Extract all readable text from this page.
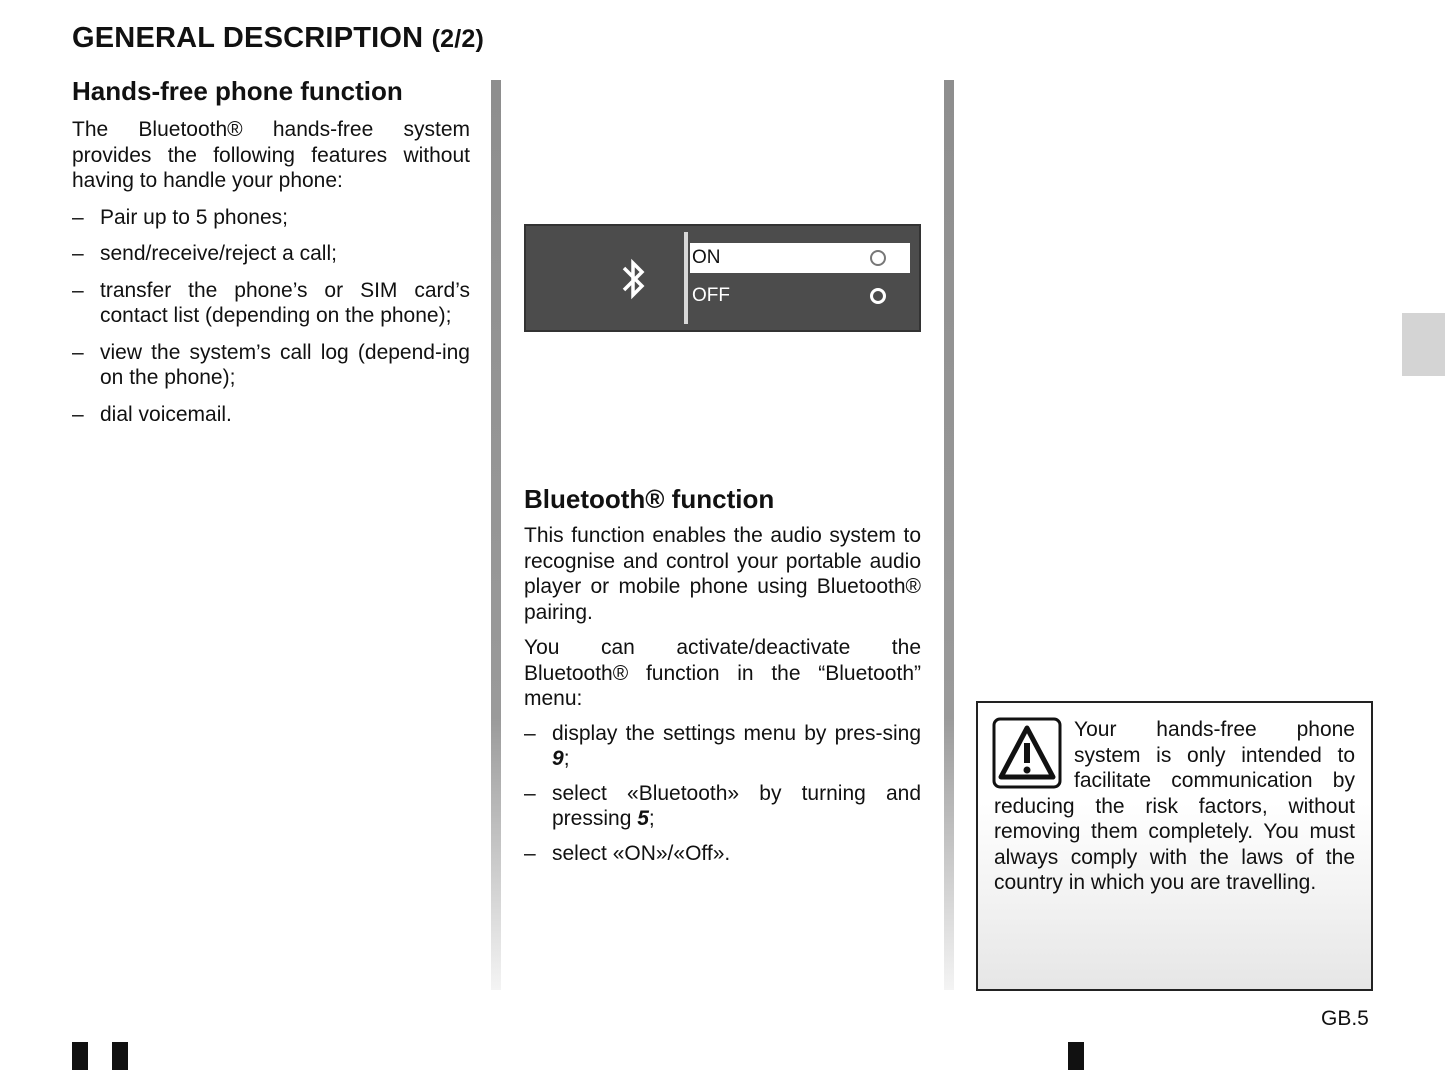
GENERAL DESCRIPTION (2/2)
Hands-free phone function

The Bluetooth® hands-free system provides the following features without having to handle your phone:

– Pair up to 5 phones;
– send/receive/reject a call;
– transfer the phone’s or SIM card’s contact list (depending on the phone);
– view the system’s call log (depend-ing on the phone);
– dial voicemail.
ON
OFF
Bluetooth® function

This function enables the audio system to recognise and control your portable audio player or mobile phone using Bluetooth® pairing.

You can activate/deactivate the Bluetooth® function in the “Bluetooth” menu:

– display the settings menu by pres-sing 9;
– select «Bluetooth» by turning and pressing 5;
– select «ON»/«Off».

Your hands-free phone system is only intended to facilitate communication by reducing the risk factors, without removing them completely. You must always comply with the laws of the country in which you are travelling.

GB.5
